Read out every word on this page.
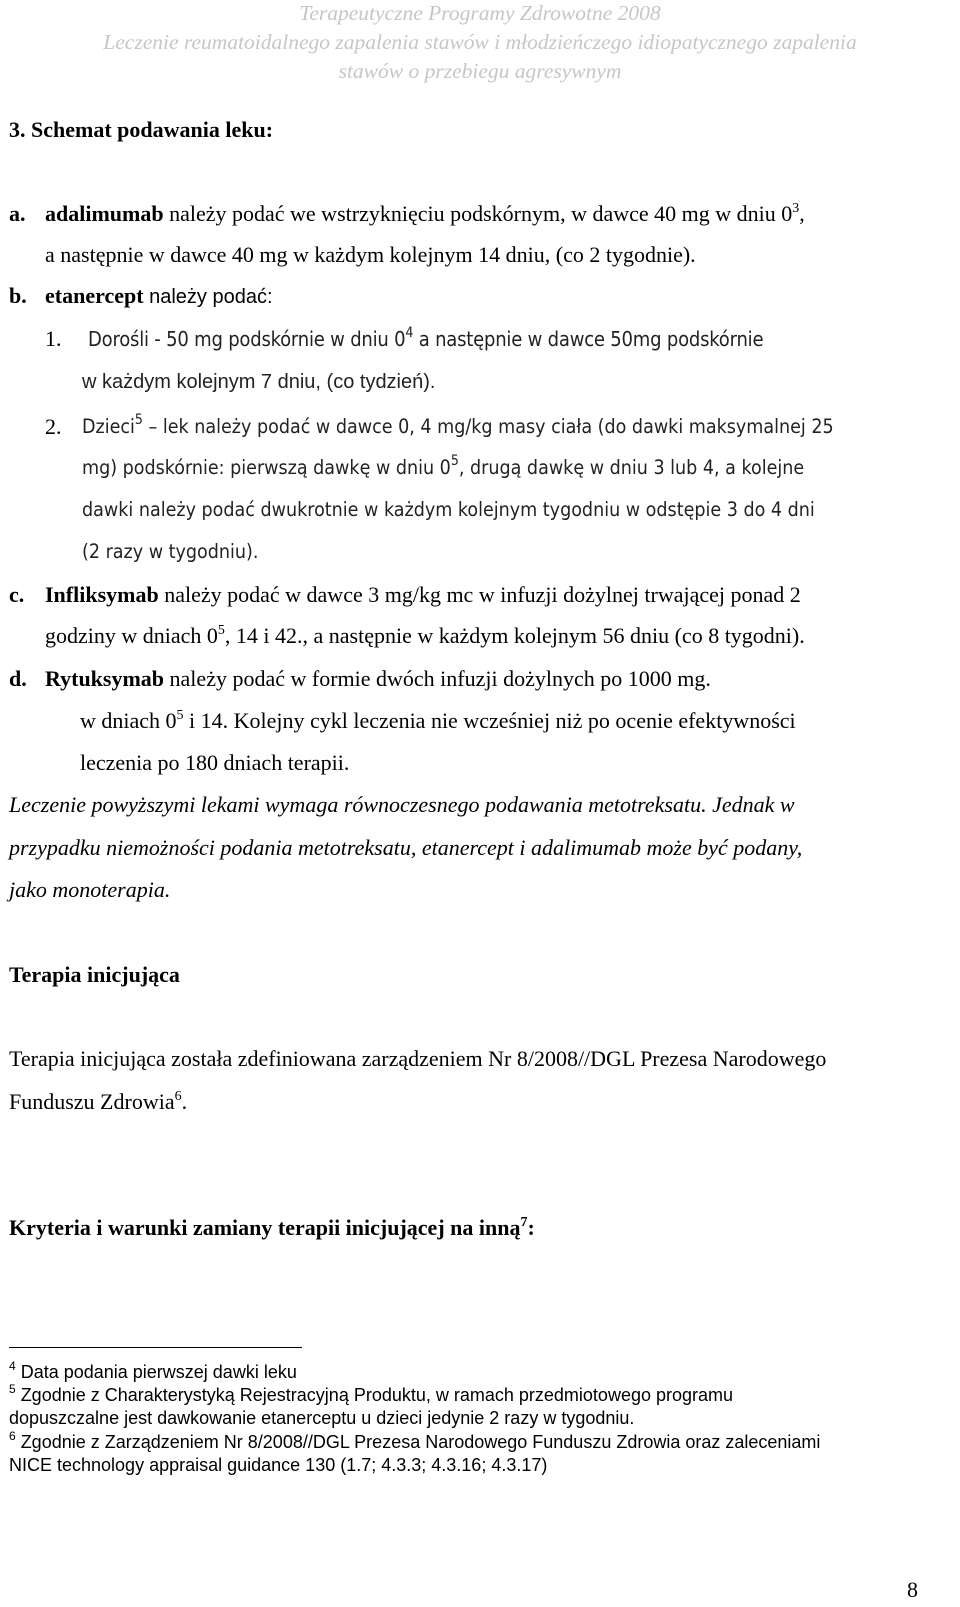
Terapeutyczne Programy Zdrowotne 2008
Leczenie reumatoidalnego zapalenia stawów i młodzieńczego idiopatycznego zapalenia
stawów o przebiegu agresywnym
3. Schemat podawania leku:
a. adalimumab należy podać we wstrzyknięciu podskórnym, w dawce 40 mg w dniu $0^3$,
a następnie w dawce 40 mg w każdym kolejnym 14 dniu, (co 2 tygodnie).
b. etanercept należy podać:
1. Dorośli - 50 mg podskórnie w dniu $0^4$ a następnie w dawce 50mg podskórnie
w każdym kolejnym 7 dniu, (co tydzień).
2. Dzieci$^5$ – lek należy podać w dawce 0, 4 mg/kg masy ciała (do dawki maksymalnej 25
mg) podskórnie: pierwszą dawkę w dniu $0^5$, drugą dawkę w dniu 3 lub 4, a kolejne
dawki należy podać dwukrotnie w każdym kolejnym tygodniu w odstępie 3 do 4 dni
(2 razy w tygodniu).
c. Infliksymab należy podać w dawce 3 mg/kg mc w infuzji dożylnej trwającej ponad 2
godziny w dniach $0^5$, 14 i 42., a następnie w każdym kolejnym 56 dniu (co 8 tygodni).
d. Rytuksymab należy podać w formie dwóch infuzji dożylnych po 1000 mg.
w dniach $0^5$ i 14. Kolejny cykl leczenia nie wcześniej niż po ocenie efektywności
leczenia po 180 dniach terapii.
Leczenie powyższymi lekami wymaga równoczesnego podawania metotreksatu. Jednak w
przypadku niemożności podania metotreksatu, etanercept i adalimumab może być podany,
jako monoterapia.
Terapia inicjująca
Terapia inicjująca została zdefiniowana zarządzeniem Nr 8/2008//DGL Prezesa Narodowego
Funduszu Zdrowia$^6$.
Kryteria i warunki zamiany terapii inicjującej na inną$^7$:
$^4$ Data podania pierwszej dawki leku
$^5$ Zgodnie z Charakterystyką Rejestracyjną Produktu, w ramach przedmiotowego programu
dopuszczalne jest dawkowanie etanerceptu u dzieci jedynie 2 razy w tygodniu.
$^6$ Zgodnie z Zarządzeniem Nr 8/2008//DGL Prezesa Narodowego Funduszu Zdrowia oraz zaleceniami
NICE technology appraisal guidance 130 (1.7; 4.3.3; 4.3.16; 4.3.17)
8
